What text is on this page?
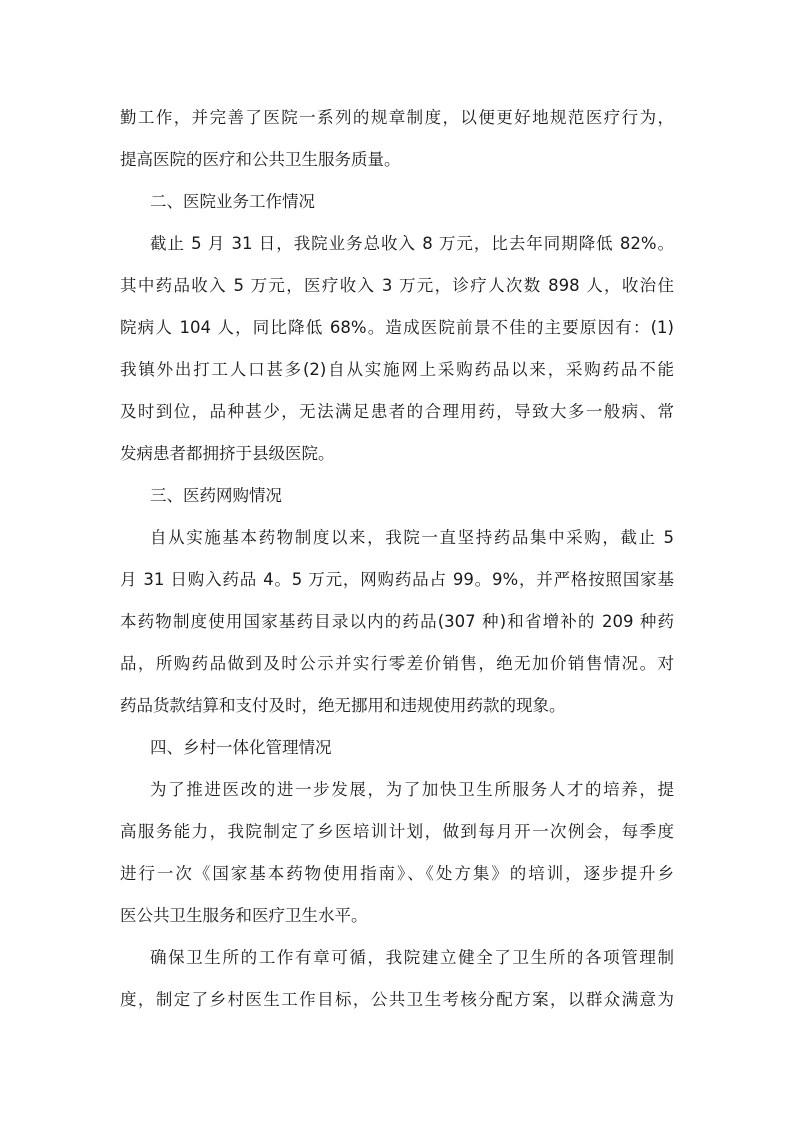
勤工作，并完善了医院一系列的规章制度，以便更好地规范医疗行为，
提高医院的医疗和公共卫生服务质量。
二、医院业务工作情况
截止 5 月 31 日，我院业务总收入 8 万元，比去年同期降低 82%。
其中药品收入 5 万元，医疗收入 3 万元，诊疗人次数 898 人，收治住
院病人 104 人，同比降低 68%。造成医院前景不佳的主要原因有：(1)
我镇外出打工人口甚多(2)自从实施网上采购药品以来，采购药品不能
及时到位，品种甚少，无法满足患者的合理用药，导致大多一般病、常
发病患者都拥挤于县级医院。
三、医药网购情况
自从实施基本药物制度以来，我院一直坚持药品集中采购，截止 5
月 31 日购入药品 4。5 万元，网购药品占 99。9%，并严格按照国家基
本药物制度使用国家基药目录以内的药品(307 种)和省增补的 209 种药
品，所购药品做到及时公示并实行零差价销售，绝无加价销售情况。对
药品货款结算和支付及时，绝无挪用和违规使用药款的现象。
四、乡村一体化管理情况
为了推进医改的进一步发展，为了加快卫生所服务人才的培养，提
高服务能力，我院制定了乡医培训计划，做到每月开一次例会，每季度
进行一次《国家基本药物使用指南》、《处方集》的培训，逐步提升乡
医公共卫生服务和医疗卫生水平。
确保卫生所的工作有章可循，我院建立健全了卫生所的各项管理制
度，制定了乡村医生工作目标，公共卫生考核分配方案，以群众满意为
